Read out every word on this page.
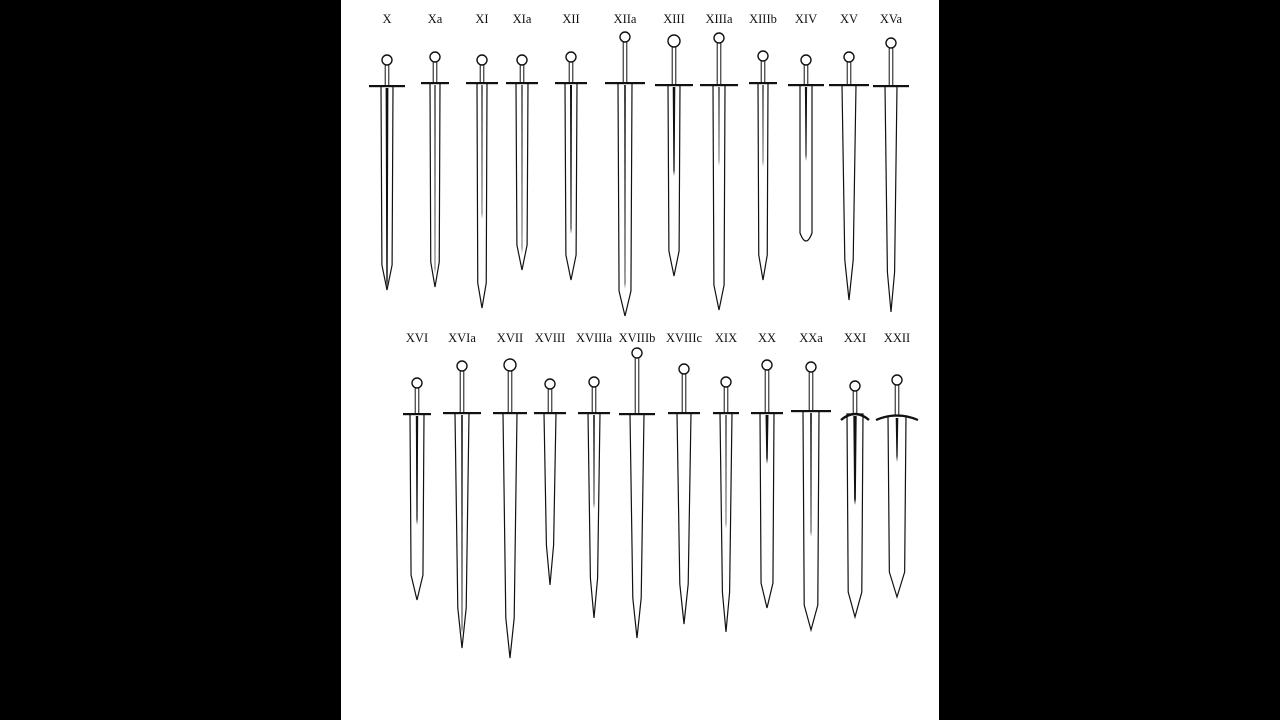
X	Xa	XI XIa XII	XIIa XIII XIIIa XIIIb XIV XV XVa
XVI XVIa XVII XVIII XVIIIa XVIIIb XVIIIc XIX XX XXa XXI XXII
